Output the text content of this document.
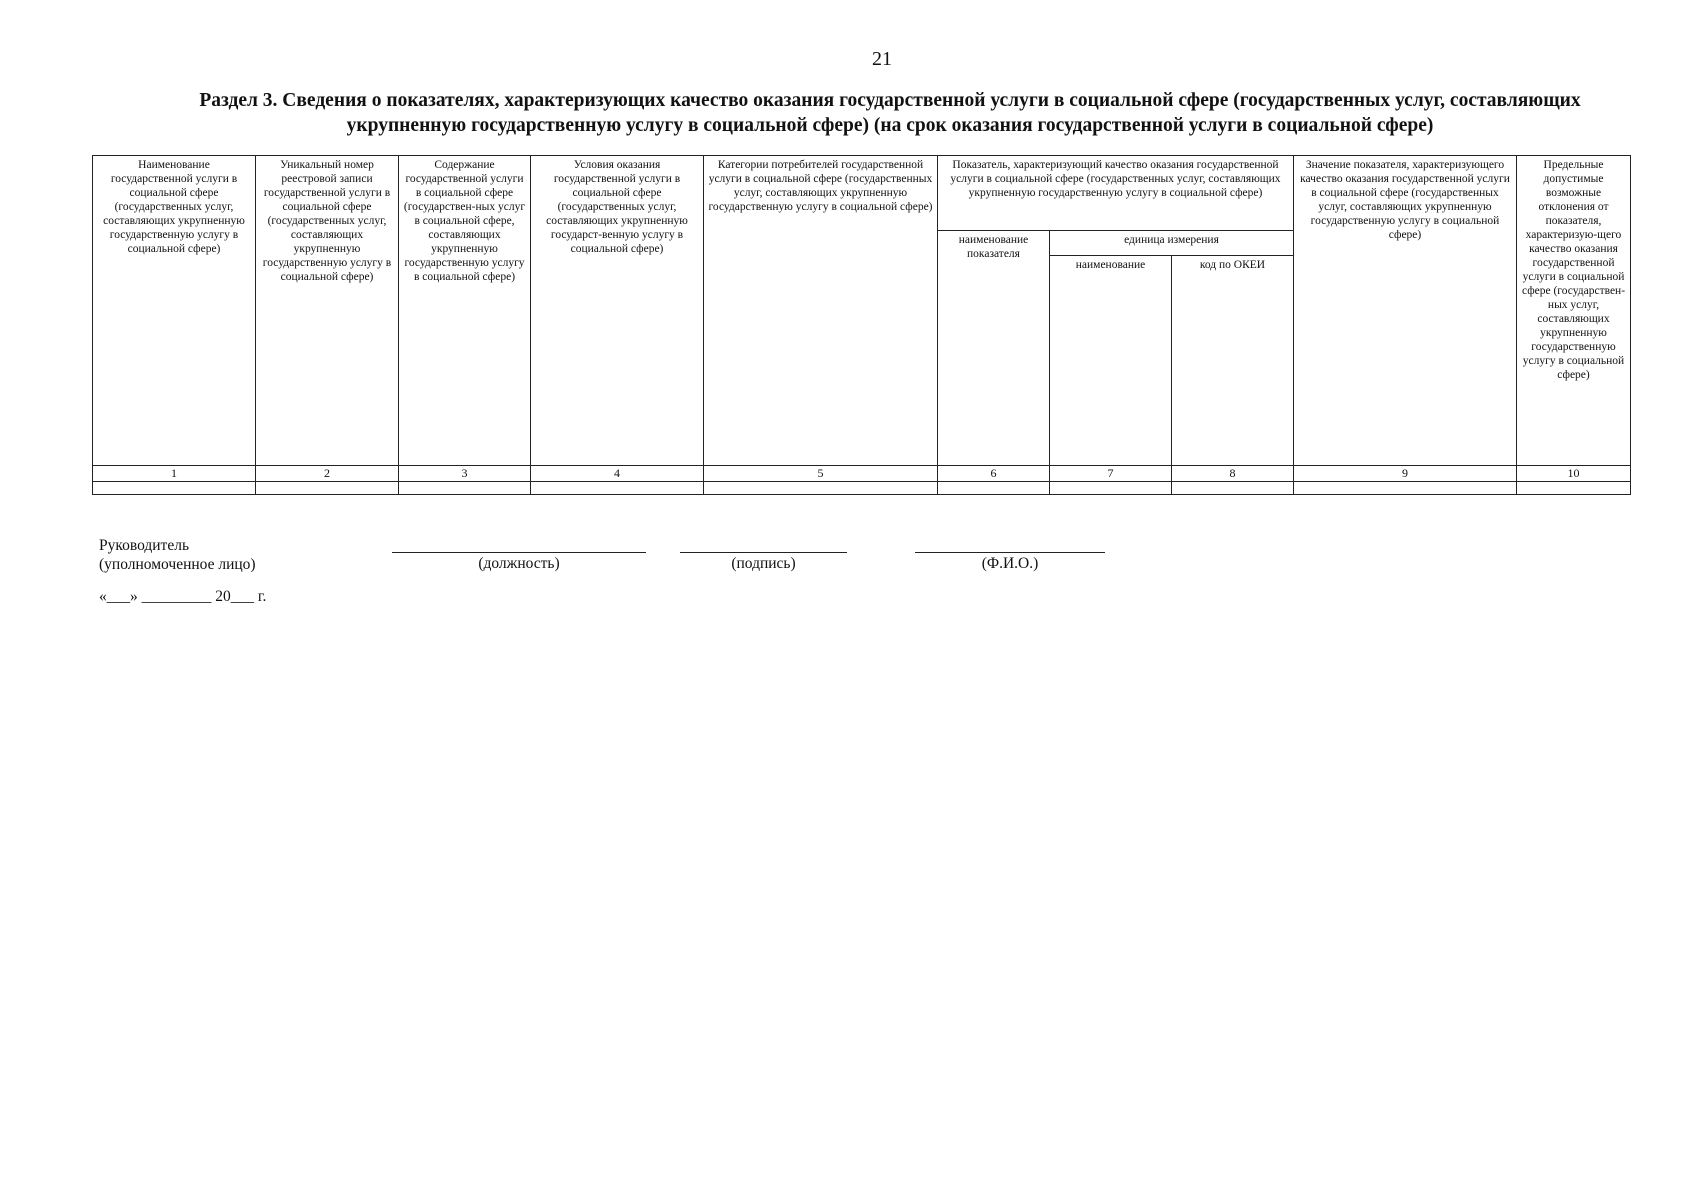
21
Раздел 3. Сведения о показателях, характеризующих качество оказания государственной услуги в социальной сфере (государственных услуг, составляющих
укрупненную государственную услугу в социальной сфере) (на срок оказания государственной услуги в социальной сфере)
Наименование государственной услуги в социальной сфере (государственных услуг, составляющих укрупненную государственную услугу в социальной сфере)	Уникальный номер реестровой записи государственной услуги в социальной сфере (государственных услуг, составляющих укрупненную государственную услугу в социальной сфере)	Содержание государственной услуги в социальной сфере (государствен-ных услуг в социальной сфере, составляющих укрупненную государственную услугу в социальной сфере)	Условия оказания государственной услуги в социальной сфере (государственных услуг, составляющих укрупненную государст-венную услугу в социальной сфере)	Категории потребителей государственной услуги в социальной сфере (государственных услуг, составляющих укрупненную государственную услугу в социальной сфере)	Показатель, характеризующий качество оказания государственной услуги в социальной сфере (государственных услуг, составляющих укрупненную государственную услугу в социальной сфере)			Значение показателя, характеризующего качество оказания государственной услуги в социальной сфере (государственных услуг, составляющих укрупненную государственную услугу в социальной сфере)	Предельные допустимые возможные отклонения от показателя, характеризую-щего качество оказания государственной услуги в социальной сфере (государствен-ных услуг, составляющих укрупненную государственную услугу в социальной сфере)
					наименование показателя	единица измерения			
						наименование	код по ОКЕИ		
1	2	3	4	5	6	7	8	9	10

Руководитель
(уполномоченное лицо)	(должность)	(подпись)	(Ф.И.О.)
«___» _________ 20___ г.
